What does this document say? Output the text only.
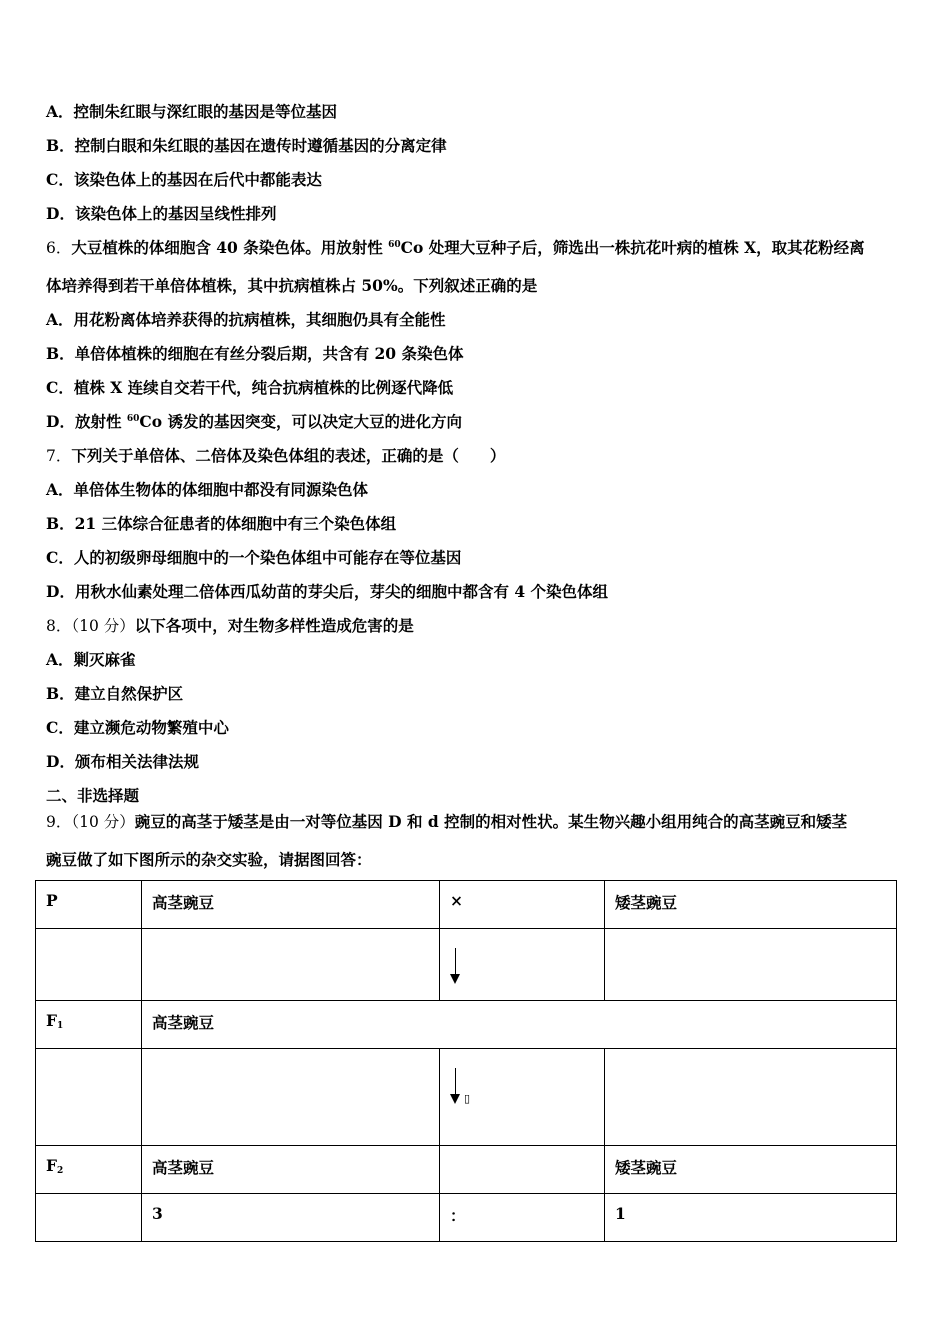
A．控制朱红眼与深红眼的基因是等位基因
B．控制白眼和朱红眼的基因在遗传时遵循基因的分离定律
C．该染色体上的基因在后代中都能表达
D．该染色体上的基因呈线性排列
6．大豆植株的体细胞含 40 条染色体。用放射性 $^{60}$Co 处理大豆种子后，筛选出一株抗花叶病的植株 X，取其花粉经离
体培养得到若干单倍体植株，其中抗病植株占 50%。下列叙述正确的是
A．用花粉离体培养获得的抗病植株，其细胞仍具有全能性
B．单倍体植株的细胞在有丝分裂后期，共含有 20 条染色体
C．植株 X 连续自交若干代，纯合抗病植株的比例逐代降低
D．放射性 $^{60}$Co 诱发的基因突变，可以决定大豆的进化方向
7．下列关于单倍体、二倍体及染色体组的表述，正确的是（　　）
A．单倍体生物体的体细胞中都没有同源染色体
B．21 三体综合征患者的体细胞中有三个染色体组
C．人的初级卵母细胞中的一个染色体组中可能存在等位基因
D．用秋水仙素处理二倍体西瓜幼苗的芽尖后，芽尖的细胞中都含有 4 个染色体组
8．（10 分）以下各项中，对生物多样性造成危害的是
A．剿灭麻雀
B．建立自然保护区
C．建立濒危动物繁殖中心
D．颁布相关法律法规
二、非选择题
9．（10 分）豌豆的高茎于矮茎是由一对等位基因 D 和 d 控制的相对性状。某生物兴趣小组用纯合的高茎豌豆和矮茎
豌豆做了如下图所示的杂交实验，请据图回答：
P	高茎豌豆	×	矮茎豌豆

$F_1$	高茎豌豆		

		▯	

$F_2$	高茎豌豆		矮茎豌豆
	3	：	1
